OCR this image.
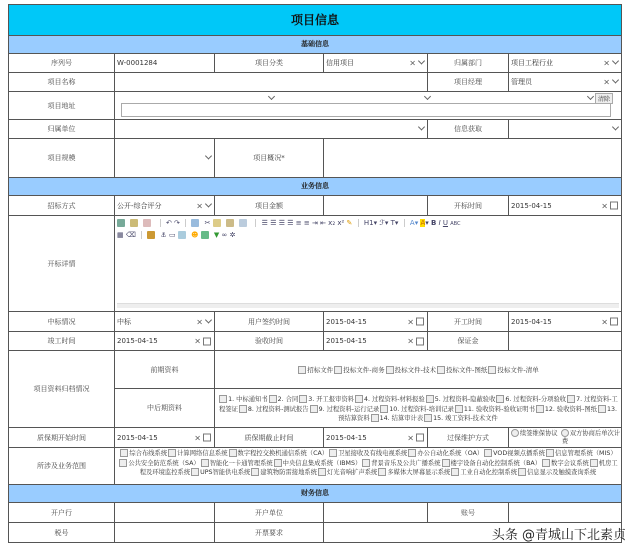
项目信息
基础信息
序列号	W-0001284	项目分类	信用项目	×	归属部门	项目工程行业	×
项目名称	项目经理	管理员	×
项目地址
清除
归属单位	信息获取
项目规模	项目概况*
业务信息
招标方式	公开-综合评分	×	项目金额	开标时间	2015-04-15	×
开标详情
↶ ↷	✂	☰ ☰ ☰ ☰ ≡ ≡ ⇥ ⇤ x₂ x² ✎ H1▾ ℱ▾ T▾ A▾ A▾ B I U ABC
▦ ⌫	⚓ ▭ ☻ ▼ ∞ ✲
中标情况	中标	×	用户签约时间	2015-04-15	×	开工时间	2015-04-15	×
竣工时间	2015-04-15	×	验收时间	2015-04-15	×	保证金
项目资料归档情况
前期资料	招标文件	投标文件-商务	投标文件-技术	投标文件-图纸	投标文件-清单
中后期资料
1. 中标通知书 2. 合同 3. 开工报审资料 4. 过程资料-材料报验 5. 过程资料-隐蔽验收 6. 过程资料-分项验收 7. 过程资料-工程签证 8. 过程资料-测试报告 9. 过程资料-运行记录 10. 过程资料-培训记录 11. 验收资料-验收证明书 12. 验收资料-图纸 13. 预结算资料 14. 结算审计表 15. 竣工资料-技术文件
质保期开始时间	2015-04-15	×	质保期截止时间	2015-04-15	×	过保维护方式	续签维保协议 双方协商后单次计费
所涉及业务范围
综合布线系统 计算网络信息系统 数字程控交换机通信系统（CA） 卫星接收及有线电视系统 办公自动化系统（OA） VOD视频点播系统 信息管理系统（MIS）公共安全防范系统（SA） 智能化一卡通管理系统 中央信息集成系统（IBMS） 背景音乐及公共广播系统 楼宇设备自动化控制系统（BA） 数字会议系统 机房工程及环境监控系统 UPS智能供电系统 建筑物防雷接地系统 灯光音响扩声系统 多媒体大屏幕显示系统 工业自动化控制系统 信息显示及触摸查询系统
财务信息
开户行	开户单位	账号
税号	开票要求	头条 @青城山下北素贞
